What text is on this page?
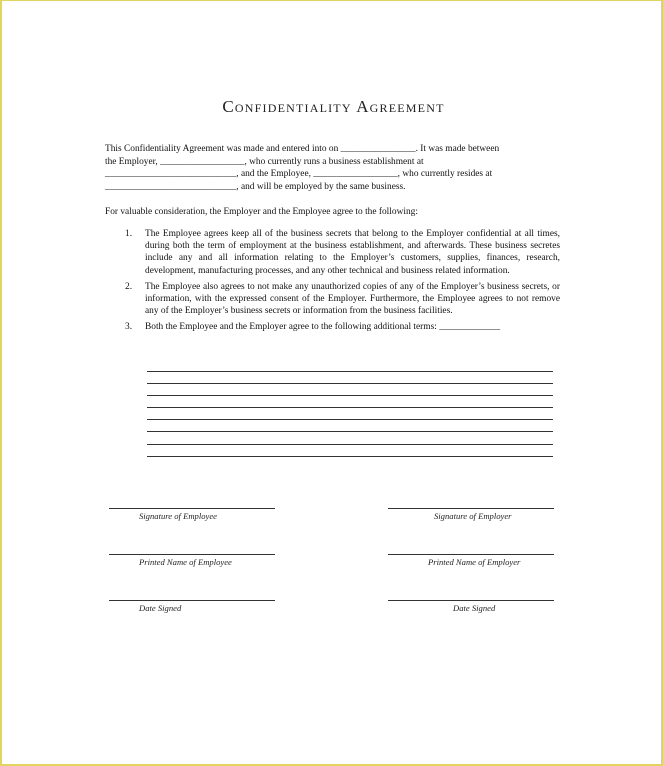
Confidentiality Agreement
This Confidentiality Agreement was made and entered into on ________________. It was made between
the Employer, __________________, who currently runs a business establishment at
____________________________, and the Employee, __________________, who currently resides at
____________________________, and will be employed by the same business.
For valuable consideration, the Employer and the Employee agree to the following:
1. The Employee agrees keep all of the business secrets that belong to the Employer confidential at all times, during both the term of employment at the business establishment, and afterwards. These business secretes include any and all information relating to the Employer’s customers, supplies, finances, research, development, manufacturing processes, and any other technical and business related information.
2. The Employee also agrees to not make any unauthorized copies of any of the Employer’s business secrets, or information, with the expressed consent of the Employer. Furthermore, the Employee agrees to not remove any of the Employer’s business secrets or information from the business facilities.
3. Both the Employee and the Employer agree to the following additional terms: _____________
Signature of Employee	Signature of Employer
Printed Name of Employee	Printed Name of Employer
Date Signed	Date Signed
